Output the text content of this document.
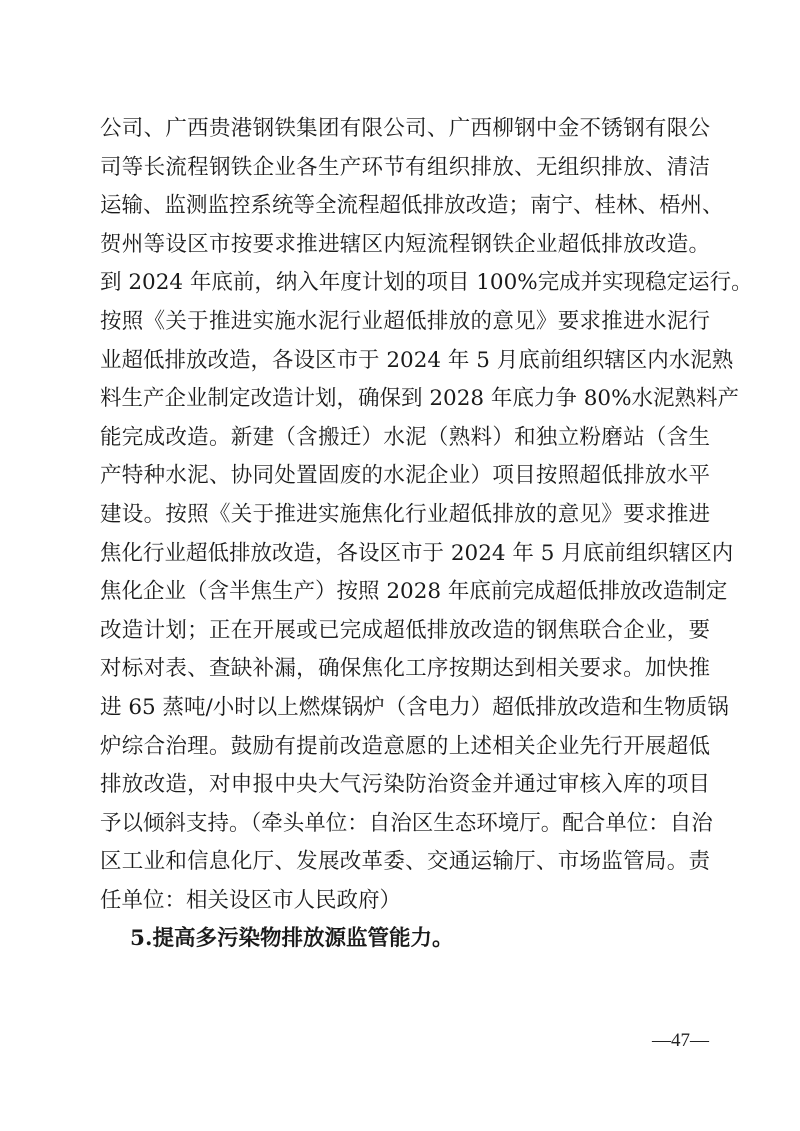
公司、广西贵港钢铁集团有限公司、广西柳钢中金不锈钢有限公
司等长流程钢铁企业各生产环节有组织排放、无组织排放、清洁
运输、监测监控系统等全流程超低排放改造；南宁、桂林、梧州、
贺州等设区市按要求推进辖区内短流程钢铁企业超低排放改造。
到 2024 年底前，纳入年度计划的项目 100%完成并实现稳定运行。
按照《关于推进实施水泥行业超低排放的意见》要求推进水泥行
业超低排放改造，各设区市于 2024 年 5 月底前组织辖区内水泥熟
料生产企业制定改造计划，确保到 2028 年底力争 80%水泥熟料产
能完成改造。新建（含搬迁）水泥（熟料）和独立粉磨站（含生
产特种水泥、协同处置固废的水泥企业）项目按照超低排放水平
建设。按照《关于推进实施焦化行业超低排放的意见》要求推进
焦化行业超低排放改造，各设区市于 2024 年 5 月底前组织辖区内
焦化企业（含半焦生产）按照 2028 年底前完成超低排放改造制定
改造计划；正在开展或已完成超低排放改造的钢焦联合企业，要
对标对表、查缺补漏，确保焦化工序按期达到相关要求。加快推
进 65 蒸吨/小时以上燃煤锅炉（含电力）超低排放改造和生物质锅
炉综合治理。鼓励有提前改造意愿的上述相关企业先行开展超低
排放改造，对申报中央大气污染防治资金并通过审核入库的项目
予以倾斜支持。（牵头单位：自治区生态环境厅。配合单位：自治
区工业和信息化厅、发展改革委、交通运输厅、市场监管局。责
任单位：相关设区市人民政府）
5.提高多污染物排放源监管能力。
—47—
